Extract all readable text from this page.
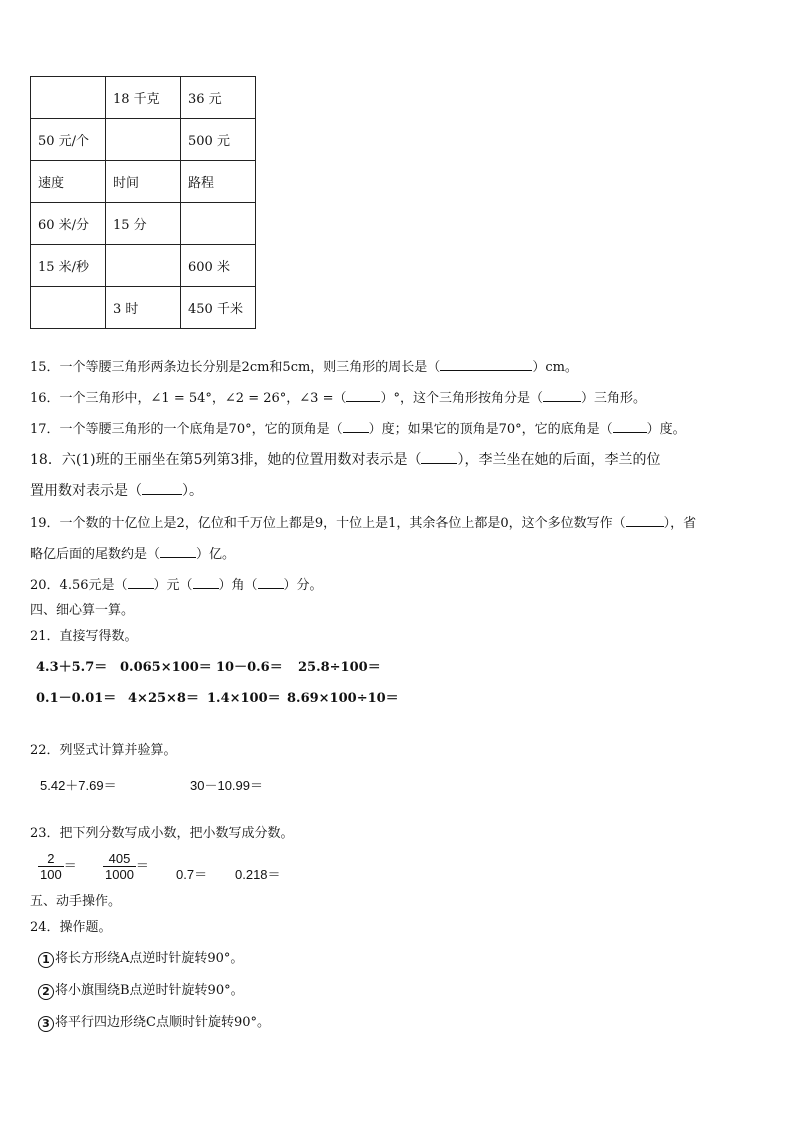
	18 千克	36 元
50 元/个		500 元
速度	时间	路程
60 米/分	15 分	
15 米/秒		600 米
	3 时	450 千米
15．一个等腰三角形两条边长分别是2cm和5cm，则三角形的周长是（	）cm。
16．一个三角形中，∠1 = 54°，∠2 = 26°，∠3 =（	）°，这个三角形按角分是（	）三角形。
17．一个等腰三角形的一个底角是70°，它的顶角是（ ）度；如果它的顶角是70°，它的底角是（	）度。
18．六(1)班的王丽坐在第5列第3排，她的位置用数对表示是（	），李兰坐在她的后面，李兰的位
置用数对表示是（	）。
19．一个数的十亿位上是2，亿位和千万位上都是9，十位上是1，其余各位上都是0，这个多位数写作（	），省
略亿后面的尾数约是（	）亿。
20．4.56元是（ ）元（ ）角（ ）分。
四、细心算一算。
21．直接写得数。
4.3＋5.7＝ 0.065×100＝ 10－0.6＝ 25.8÷100＝
0.1－0.01＝ 4×25×8＝ 1.4×100＝ 8.69×100÷10＝
22．列竖式计算并验算。
5.42＋7.69＝	30－10.99＝
23．把下列分数写成小数，把小数写成分数。
$\frac{2}{100} = \frac{405}{1000}$ ＝
0.7＝ 0.218＝
五、动手操作。
24．操作题。
1 将长方形绕A点逆时针旋转90°。
2 将小旗围绕B点逆时针旋转90°。
3 将平行四边形绕C点顺时针旋转90°。
